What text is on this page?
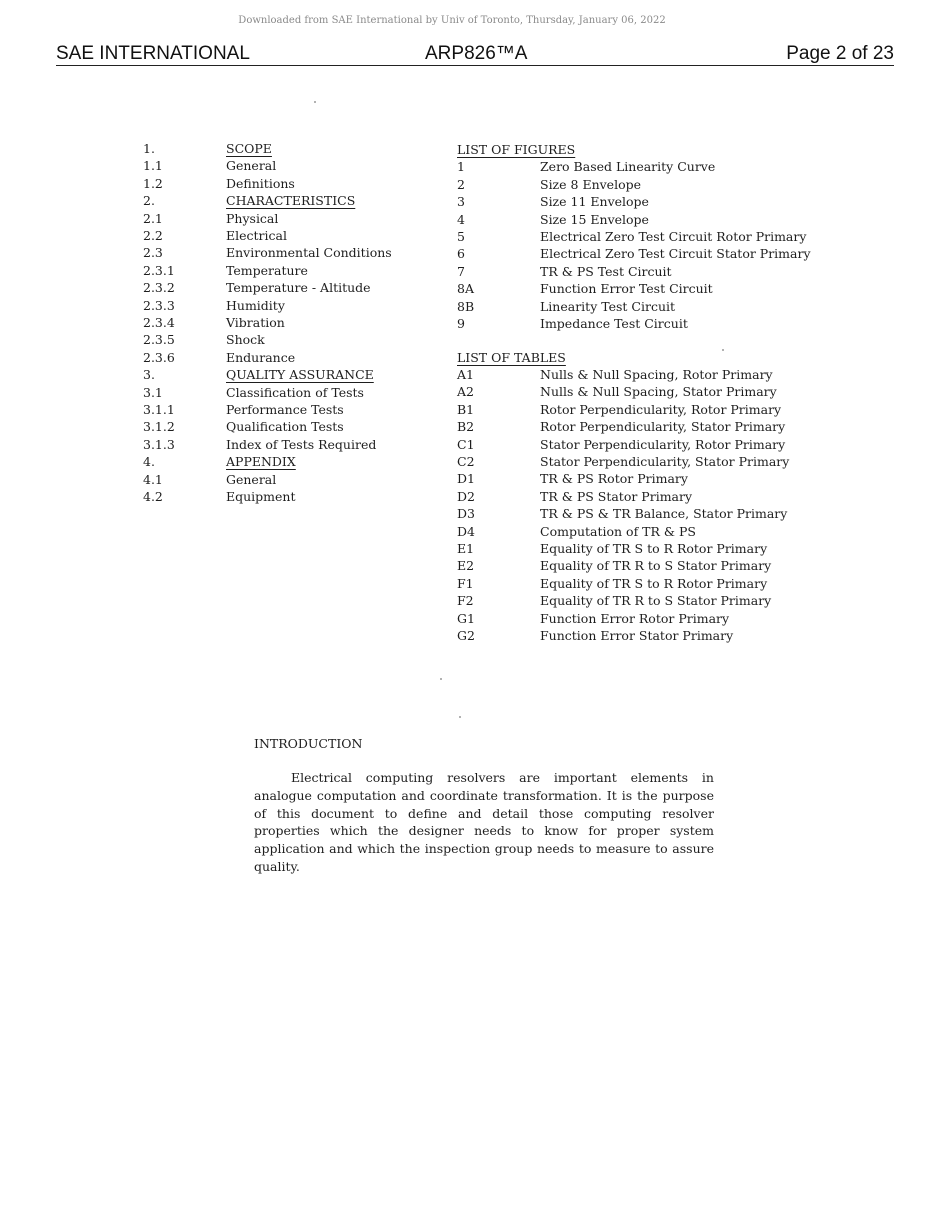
Downloaded from SAE International by Univ of Toronto, Thursday, January 06, 2022
SAE INTERNATIONAL	ARP826™A	Page 2 of 23
1.	SCOPE
1.1	General
1.2	Definitions
2.	CHARACTERISTICS
2.1	Physical
2.2	Electrical
2.3	Environmental Conditions
2.3.1	Temperature
2.3.2	Temperature - Altitude
2.3.3	Humidity
2.3.4	Vibration
2.3.5	Shock
2.3.6	Endurance
3.	QUALITY ASSURANCE
3.1	Classification of Tests
3.1.1	Performance Tests
3.1.2	Qualification Tests
3.1.3	Index of Tests Required
4.	APPENDIX
4.1	General
4.2	Equipment
LIST OF FIGURES
LIST OF TABLES
1	Zero Based Linearity Curve
2	Size 8 Envelope
3	Size 11 Envelope
4	Size 15 Envelope
5	Electrical Zero Test Circuit Rotor Primary
6	Electrical Zero Test Circuit Stator Primary
7	TR & PS Test Circuit
8A	Function Error Test Circuit
8B	Linearity Test Circuit
9	Impedance Test Circuit
A1	Nulls & Null Spacing, Rotor Primary
A2	Nulls & Null Spacing, Stator Primary
B1	Rotor Perpendicularity, Rotor Primary
B2	Rotor Perpendicularity, Stator Primary
C1	Stator Perpendicularity, Rotor Primary
C2	Stator Perpendicularity, Stator Primary
D1	TR & PS Rotor Primary
D2	TR & PS Stator Primary
D3	TR & PS & TR Balance, Stator Primary
D4	Computation of TR & PS
E1	Equality of TR S to R Rotor Primary
E2	Equality of TR R to S Stator Primary
F1	Equality of TR S to R Rotor Primary
F2	Equality of TR R to S Stator Primary
G1	Function Error Rotor Primary
G2	Function Error Stator Primary
INTRODUCTION
Electrical computing resolvers are important elements in analogue computation and coordinate transformation. It is the purpose of this document to define and detail those computing resolver properties which the designer needs to know for proper system application and which the inspection group needs to measure to assure quality.
